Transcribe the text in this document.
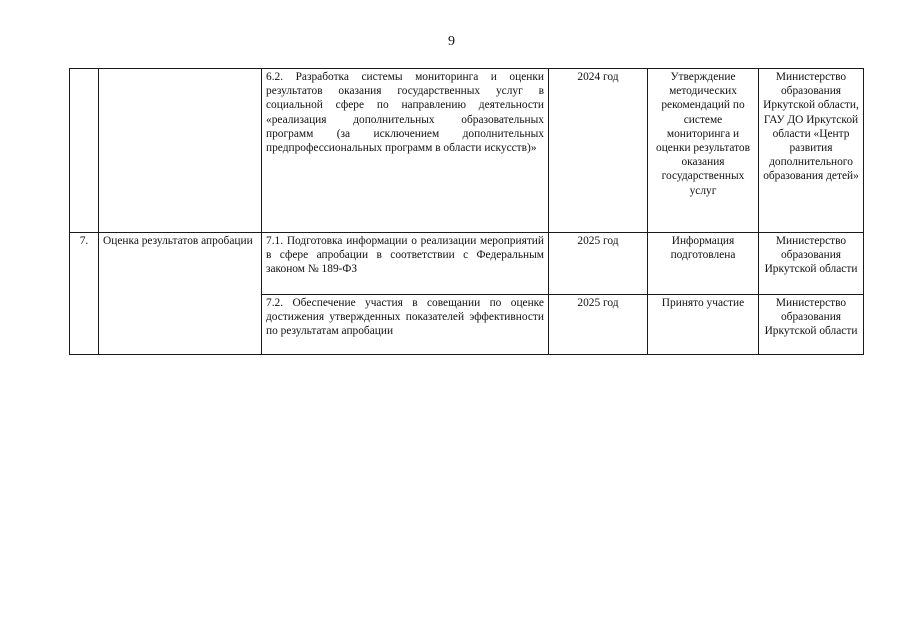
9
		6.2. Разработка системы мониторинга и оценки результатов оказания государственных услуг в социальной сфере по направлению деятельности «реализация дополнительных образовательных программ (за исключением дополнительных предпрофессиональных программ в области искусств)»	2024 год	Утверждение методических рекомендаций по системе мониторинга и оценки результатов оказания государственных услуг	Министерство образования Иркутской области, ГАУ ДО Иркутской области «Центр развития дополнительного образования детей»
7.	Оценка результатов апробации	7.1. Подготовка информации о реализации мероприятий в сфере апробации в соответствии с Федеральным законом № 189-ФЗ	2025 год	Информация подготовлена	Министерство образования Иркутской области
		7.2. Обеспечение участия в совещании по оценке достижения утвержденных показателей эффективности по результатам апробации	2025 год	Принято участие	Министерство образования Иркутской области
